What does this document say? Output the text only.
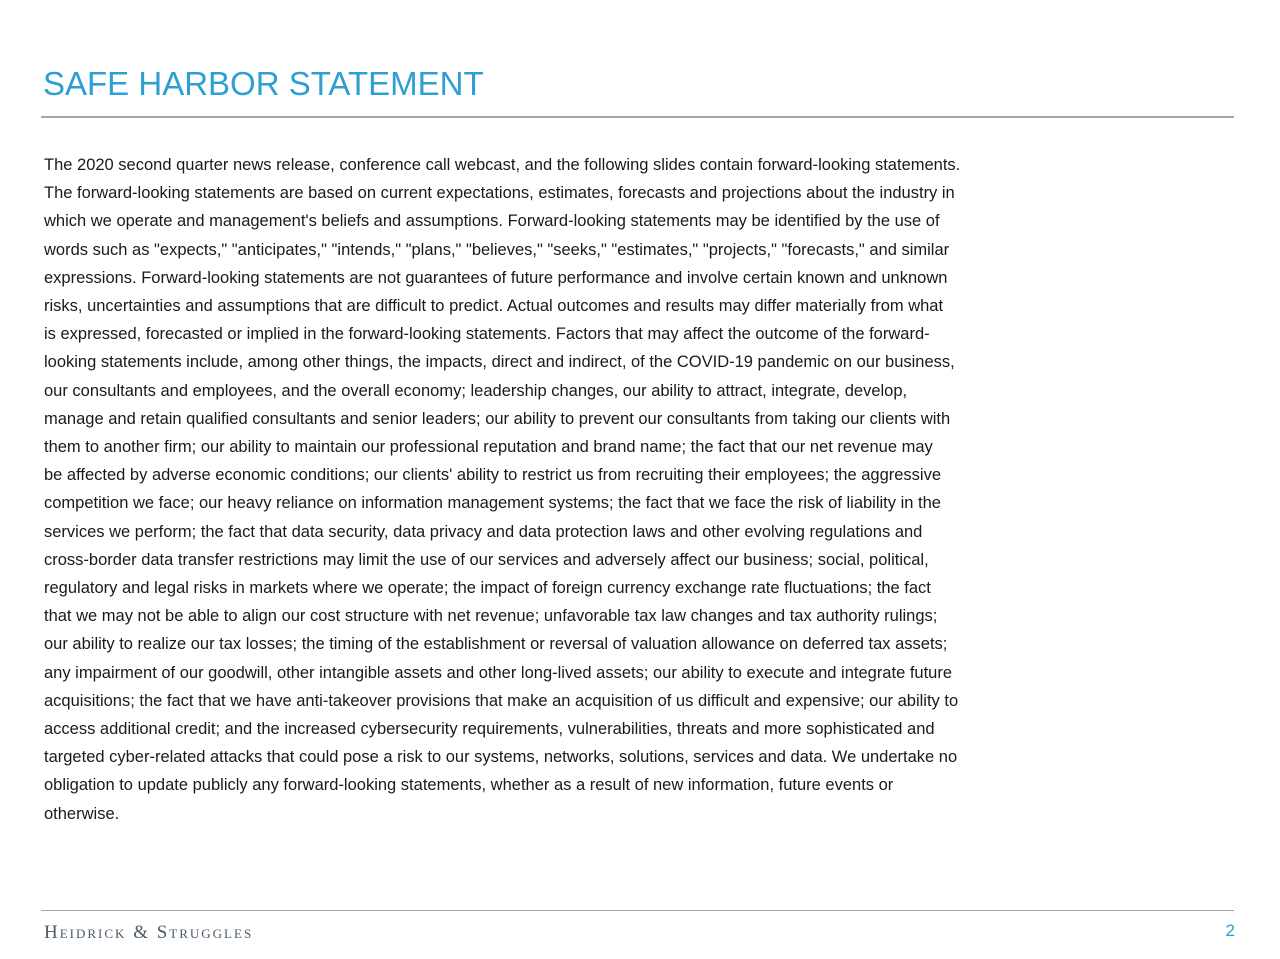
SAFE HARBOR STATEMENT
The 2020 second quarter news release, conference call webcast, and the following slides contain forward-looking statements.
The forward-looking statements are based on current expectations, estimates, forecasts and projections about the industry in
which we operate and management's beliefs and assumptions. Forward-looking statements may be identified by the use of
words such as "expects," "anticipates," "intends," "plans," "believes," "seeks," "estimates," "projects," "forecasts," and similar
expressions. Forward-looking statements are not guarantees of future performance and involve certain known and unknown
risks, uncertainties and assumptions that are difficult to predict. Actual outcomes and results may differ materially from what
is expressed, forecasted or implied in the forward-looking statements. Factors that may affect the outcome of the forward-
looking statements include, among other things, the impacts, direct and indirect, of the COVID-19 pandemic on our business,
our consultants and employees, and the overall economy; leadership changes, our ability to attract, integrate, develop,
manage and retain qualified consultants and senior leaders; our ability to prevent our consultants from taking our clients with
them to another firm; our ability to maintain our professional reputation and brand name; the fact that our net revenue may
be affected by adverse economic conditions; our clients' ability to restrict us from recruiting their employees; the aggressive
competition we face; our heavy reliance on information management systems; the fact that we face the risk of liability in the
services we perform; the fact that data security, data privacy and data protection laws and other evolving regulations and
cross-border data transfer restrictions may limit the use of our services and adversely affect our business; social, political,
regulatory and legal risks in markets where we operate; the impact of foreign currency exchange rate fluctuations; the fact
that we may not be able to align our cost structure with net revenue; unfavorable tax law changes and tax authority rulings;
our ability to realize our tax losses; the timing of the establishment or reversal of valuation allowance on deferred tax assets;
any impairment of our goodwill, other intangible assets and other long-lived assets; our ability to execute and integrate future
acquisitions; the fact that we have anti-takeover provisions that make an acquisition of us difficult and expensive; our ability to
access additional credit; and the increased cybersecurity requirements, vulnerabilities, threats and more sophisticated and
targeted cyber-related attacks that could pose a risk to our systems, networks, solutions, services and data. We undertake no
obligation to update publicly any forward-looking statements, whether as a result of new information, future events or
otherwise.
Heidrick & Struggles	2
